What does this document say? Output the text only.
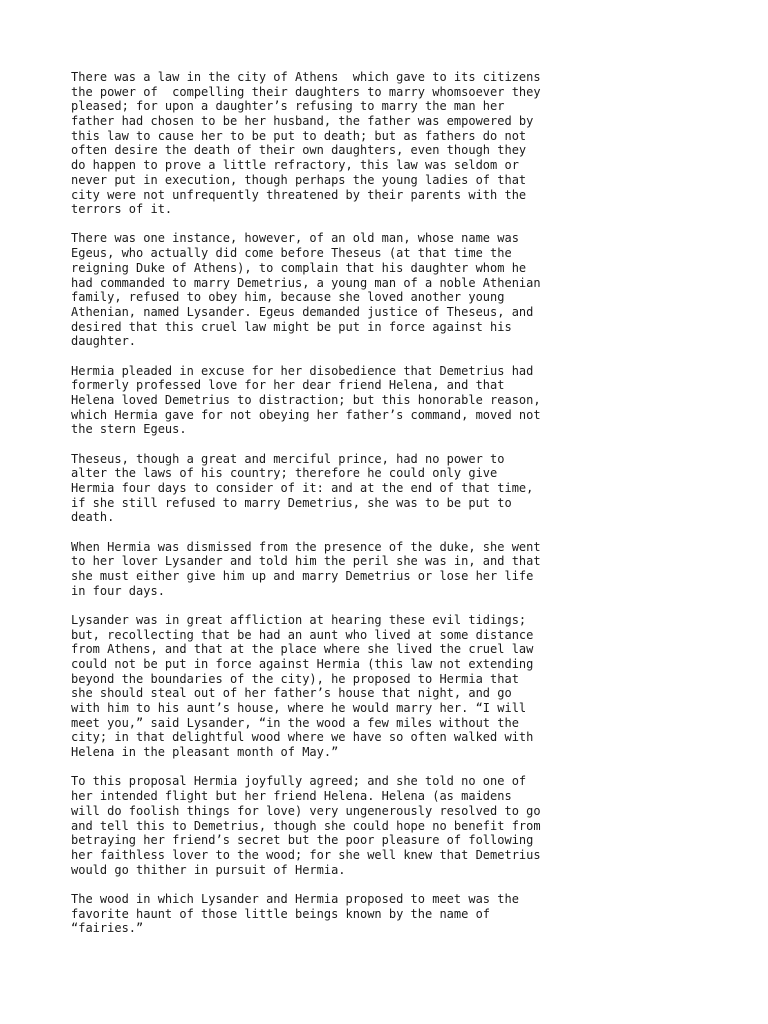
There was a law in the city of Athens  which gave to its citizens
the power of  compelling their daughters to marry whomsoever they
pleased; for upon a daughter’s refusing to marry the man her
father had chosen to be her husband, the father was empowered by
this law to cause her to be put to death; but as fathers do not
often desire the death of their own daughters, even though they
do happen to prove a little refractory, this law was seldom or
never put in execution, though perhaps the young ladies of that
city were not unfrequently threatened by their parents with the
terrors of it.
There was one instance, however, of an old man, whose name was
Egeus, who actually did come before Theseus (at that time the
reigning Duke of Athens), to complain that his daughter whom he
had commanded to marry Demetrius, a young man of a noble Athenian
family, refused to obey him, because she loved another young
Athenian, named Lysander. Egeus demanded justice of Theseus, and
desired that this cruel law might be put in force against his
daughter.
Hermia pleaded in excuse for her disobedience that Demetrius had
formerly professed love for her dear friend Helena, and that
Helena loved Demetrius to distraction; but this honorable reason,
which Hermia gave for not obeying her father’s command, moved not
the stern Egeus.
Theseus, though a great and merciful prince, had no power to
alter the laws of his country; therefore he could only give
Hermia four days to consider of it: and at the end of that time,
if she still refused to marry Demetrius, she was to be put to
death.
When Hermia was dismissed from the presence of the duke, she went
to her lover Lysander and told him the peril she was in, and that
she must either give him up and marry Demetrius or lose her life
in four days.
Lysander was in great affliction at hearing these evil tidings;
but, recollecting that be had an aunt who lived at some distance
from Athens, and that at the place where she lived the cruel law
could not be put in force against Hermia (this law not extending
beyond the boundaries of the city), he proposed to Hermia that
she should steal out of her father’s house that night, and go
with him to his aunt’s house, where he would marry her. “I will
meet you,” said Lysander, “in the wood a few miles without the
city; in that delightful wood where we have so often walked with
Helena in the pleasant month of May.”
To this proposal Hermia joyfully agreed; and she told no one of
her intended flight but her friend Helena. Helena (as maidens
will do foolish things for love) very ungenerously resolved to go
and tell this to Demetrius, though she could hope no benefit from
betraying her friend’s secret but the poor pleasure of following
her faithless lover to the wood; for she well knew that Demetrius
would go thither in pursuit of Hermia.
The wood in which Lysander and Hermia proposed to meet was the
favorite haunt of those little beings known by the name of
“fairies.”
